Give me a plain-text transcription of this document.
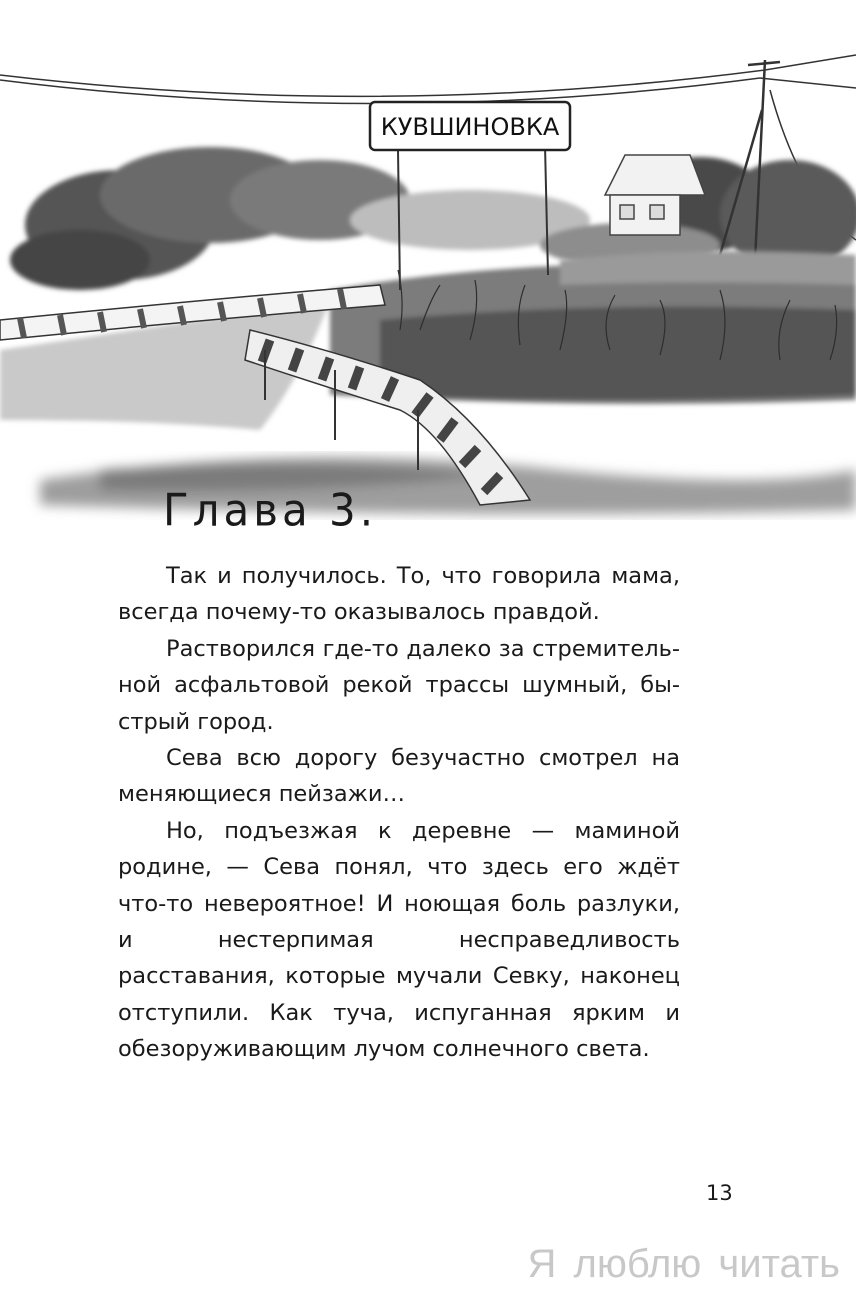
КУВШИНОВКА
Глава 3.

Так и получилось. То, что говорила мама, всегда почему-то оказывалось правдой.

Растворился где-то далеко за стремительной асфальтовой рекой трассы шумный, быстрый город.

Сева всю дорогу безучастно смотрел на меняющиеся пейзажи…

Но, подъезжая к деревне — маминой родине, — Сева понял, что здесь его ждёт что-то невероятное! И ноющая боль разлуки, и нестерпимая несправедливость расставания, которые мучали Севку, наконец отступили. Как туча, испуганная ярким и обезоруживающим лучом солнечного света.

13
Я люблю читать
